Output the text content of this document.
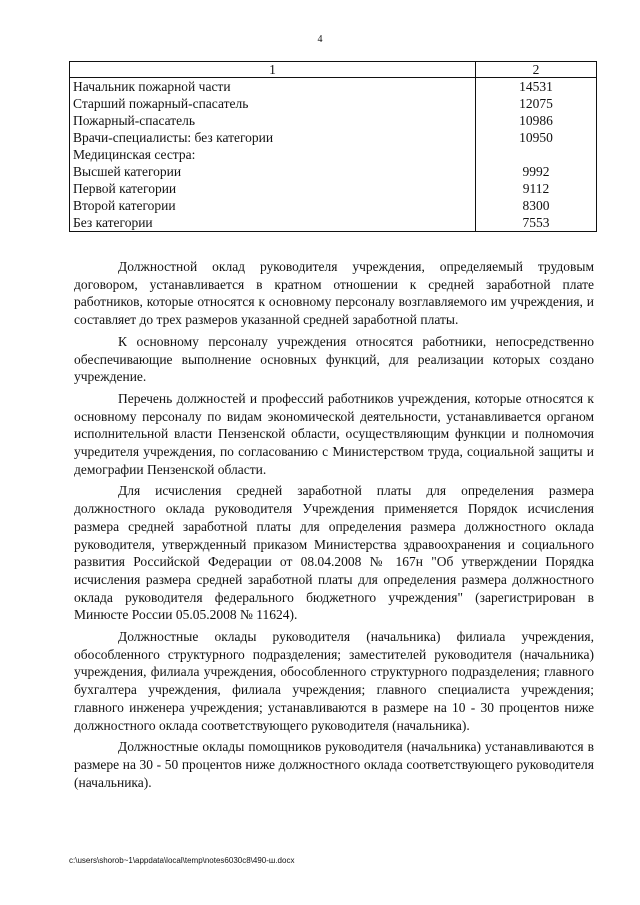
4
1	2
Начальник пожарной части	14531
Старший пожарный-спасатель	12075
Пожарный-спасатель	10986
Врачи-специалисты: без категории	10950
Медицинская сестра:	
Высшей категории	9992
Первой категории	9112
Второй категории	8300
Без категории	7553

Должностной оклад руководителя учреждения, определяемый трудовым договором, устанавливается в кратном отношении к средней заработной плате работников, которые относятся к основному персоналу возглавляемого им учреждения, и составляет до трех размеров указанной средней заработной платы.

К основному персоналу учреждения относятся работники, непосредственно обеспечивающие выполнение основных функций, для реализации которых создано учреждение.

Перечень должностей и профессий работников учреждения, которые относятся к основному персоналу по видам экономической деятельности, устанавливается органом исполнительной власти Пензенской области, осуществляющим функции и полномочия учредителя учреждения, по согласованию с Министерством труда, социальной защиты и демографии Пензенской области.

Для исчисления средней заработной платы для определения размера должностного оклада руководителя Учреждения применяется Порядок исчисления размера средней заработной платы для определения размера должностного оклада руководителя, утвержденный приказом Министерства здравоохранения и социального развития Российской Федерации от 08.04.2008 № 167н "Об утверждении Порядка исчисления размера средней заработной платы для определения размера должностного оклада руководителя федерального бюджетного учреждения" (зарегистрирован в Минюсте России 05.05.2008 № 11624).

Должностные оклады руководителя (начальника) филиала учреждения, обособленного структурного подразделения; заместителей руководителя (начальника) учреждения, филиала учреждения, обособленного структурного подразделения; главного бухгалтера учреждения, филиала учреждения; главного специалиста учреждения; главного инженера учреждения; устанавливаются в размере на 10 - 30 процентов ниже должностного оклада соответствующего руководителя (начальника).

Должностные оклады помощников руководителя (начальника) устанавливаются в размере на 30 - 50 процентов ниже должностного оклада соответствующего руководителя (начальника).

c:\users\shorob~1\appdata\local\temp\notes6030c8\490-ш.docx
